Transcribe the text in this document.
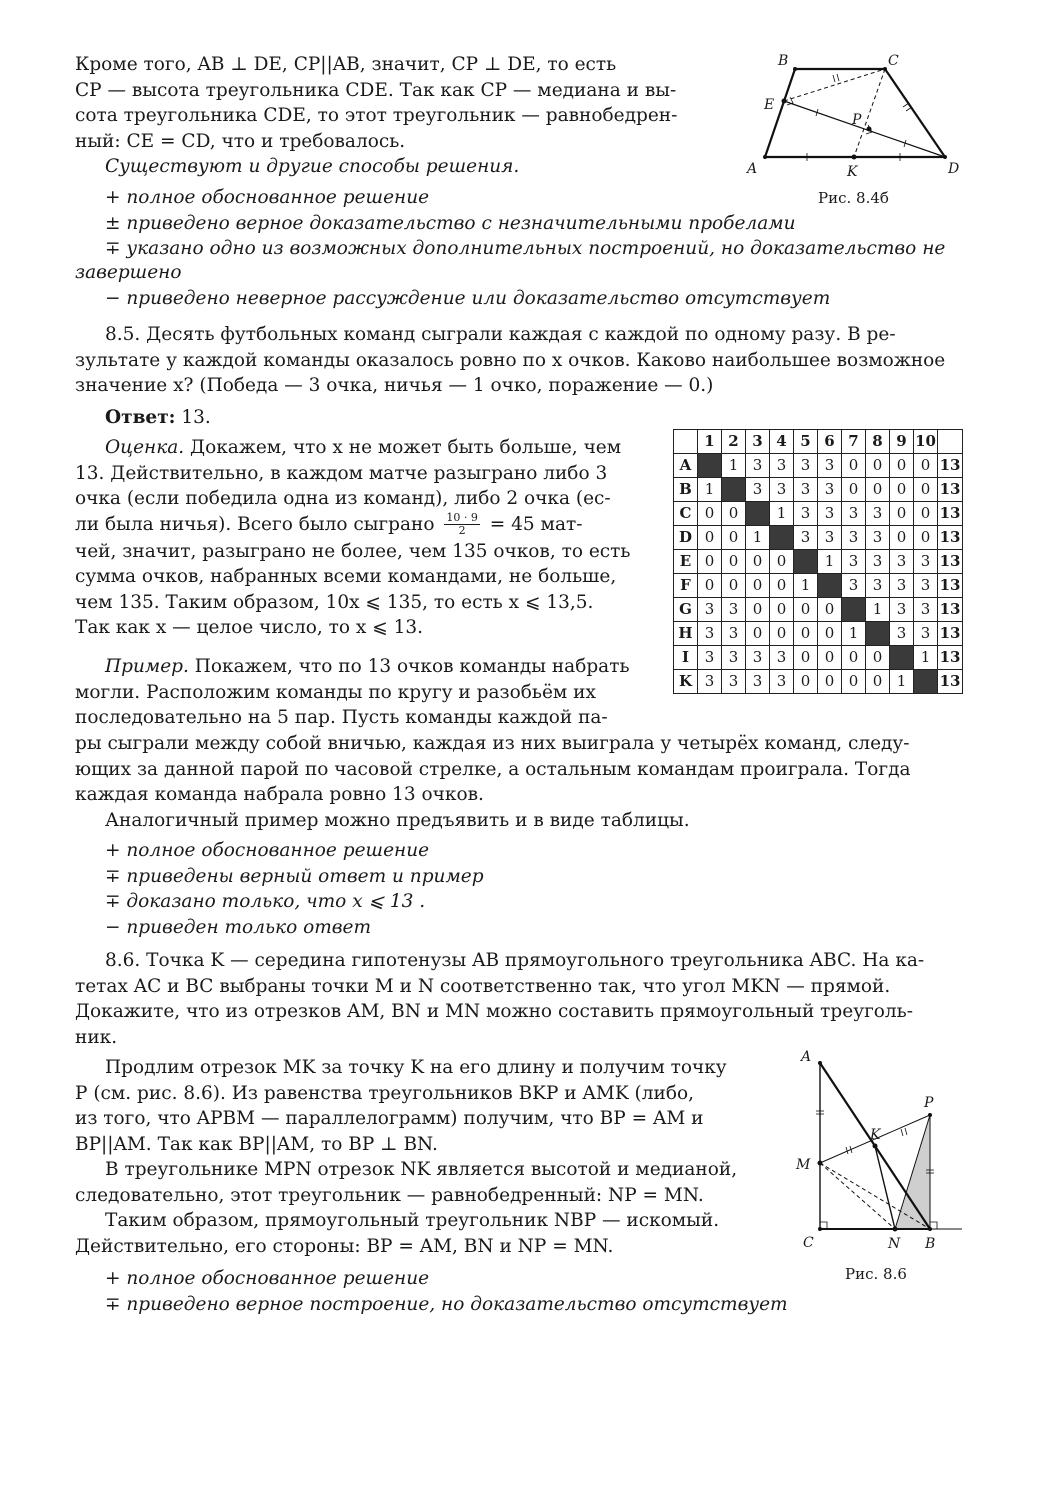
Кроме того, AB ⊥ DE, CP||AB, значит, CP ⊥ DE, то есть

CP — высота треугольника CDE. Так как CP — медиана и вы-

сота треугольника CDE, то этот треугольник — равнобедрен-

ный: CE = CD, что и требовалось.

Существуют и другие способы решения.

+ полное обоснованное решение

± приведено верное доказательство с незначительными пробелами

∓ указано одно из возможных дополнительных построений, но доказательство не

завершено

− приведено неверное рассуждение или доказательство отсутствует

B	C
E
P
A	K	D

Рис. 8.4б

8.5. Десять футбольных команд сыграли каждая с каждой по одному разу. В ре-

зультате у каждой команды оказалось ровно по x очков. Каково наибольшее возможное

значение x? (Победа — 3 очка, ничья — 1 очко, поражение — 0.)

Ответ: 13.

Оценка. Докажем, что x не может быть больше, чем

13. Действительно, в каждом матче разыграно либо 3

очка (если победила одна из команд), либо 2 очка (ес-

ли была ничья). Всего было сыграно $\frac{10 \cdot 9}{2} = 45$ мат-

чей, значит, разыграно не более, чем 135 очков, то есть

сумма очков, набранных всеми командами, не больше,

чем 135. Таким образом, 10x ⩽ 135, то есть x ⩽ 13,5.

Так как x — целое число, то x ⩽ 13.

Пример. Покажем, что по 13 очков команды набрать

могли. Расположим команды по кругу и разобьём их

последовательно на 5 пар. Пусть команды каждой па-

ры сыграли между собой вничью, каждая из них выиграла у четырёх команд, следу-

ющих за данной парой по часовой стрелке, а остальным командам проиграла. Тогда

каждая команда набрала ровно 13 очков.

Аналогичный пример можно предъявить и в виде таблицы.

+ полное обоснованное решение

∓ приведены верный ответ и пример

∓ доказано только, что x ⩽ 13 .

− приведен только ответ

	1	2	3	4	5	6	7	8	9	10	
A		1	3	3	3	3	0	0	0	0	13
B	1		3	3	3	3	0	0	0	0	13
C	0	0		1	3	3	3	3	0	0	13
D	0	0	1		3	3	3	3	0	0	13
E	0	0	0	0		1	3	3	3	3	13
F	0	0	0	0	1		3	3	3	3	13
G	3	3	0	0	0	0		1	3	3	13
H	3	3	0	0	0	0	1		3	3	13
I	3	3	3	3	0	0	0	0		1	13
K	3	3	3	3	0	0	0	0	1		13

8.6. Точка K — середина гипотенузы AB прямоугольного треугольника ABC. На ка-

тетах AC и BC выбраны точки M и N соответственно так, что угол MKN — прямой.

Докажите, что из отрезков AM, BN и MN можно составить прямоугольный треуголь-

ник.

Продлим отрезок MK за точку K на его длину и получим точку

P (см. рис. 8.6). Из равенства треугольников BKP и AMK (либо,

из того, что APBM — параллелограмм) получим, что BP = AM и

BP||AM. Так как BP||AM, то BP ⊥ BN.

В треугольнике MPN отрезок NK является высотой и медианой,

следовательно, этот треугольник — равнобедренный: NP = MN.

Таким образом, прямоугольный треугольник NBP — искомый.

Действительно, его стороны: BP = AM, BN и NP = MN.

+ полное обоснованное решение

∓ приведено верное построение, но доказательство отсутствует

A
K
P
M
C	N B

Рис. 8.6
